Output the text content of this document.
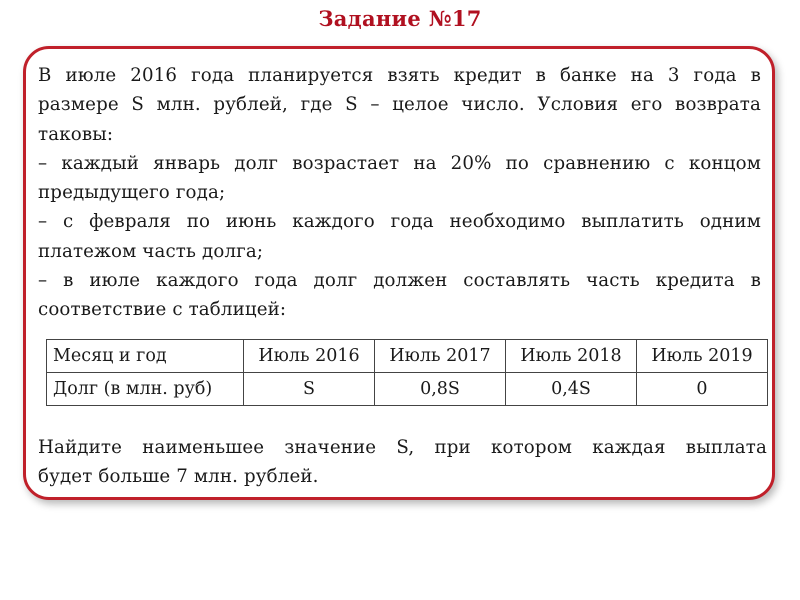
Задание №17

В июле 2016 года планируется взять кредит в банке на 3 года в
размере S млн. рублей, где S – целое число. Условия его возврата
таковы:
– каждый январь долг возрастает на 20% по сравнению с концом
предыдущего года;
– с февраля по июнь каждого года необходимо выплатить одним
платежом часть долга;
– в июле каждого года долг должен составлять часть кредита в
соответствие с таблицей:

Месяц и год	Июль 2016	Июль 2017	Июль 2018	Июль 2019
Долг (в млн. руб)	S	0,8S	0,4S	0
Найдите наименьшее значение S, при котором каждая выплата
будет больше 7 млн. рублей.
